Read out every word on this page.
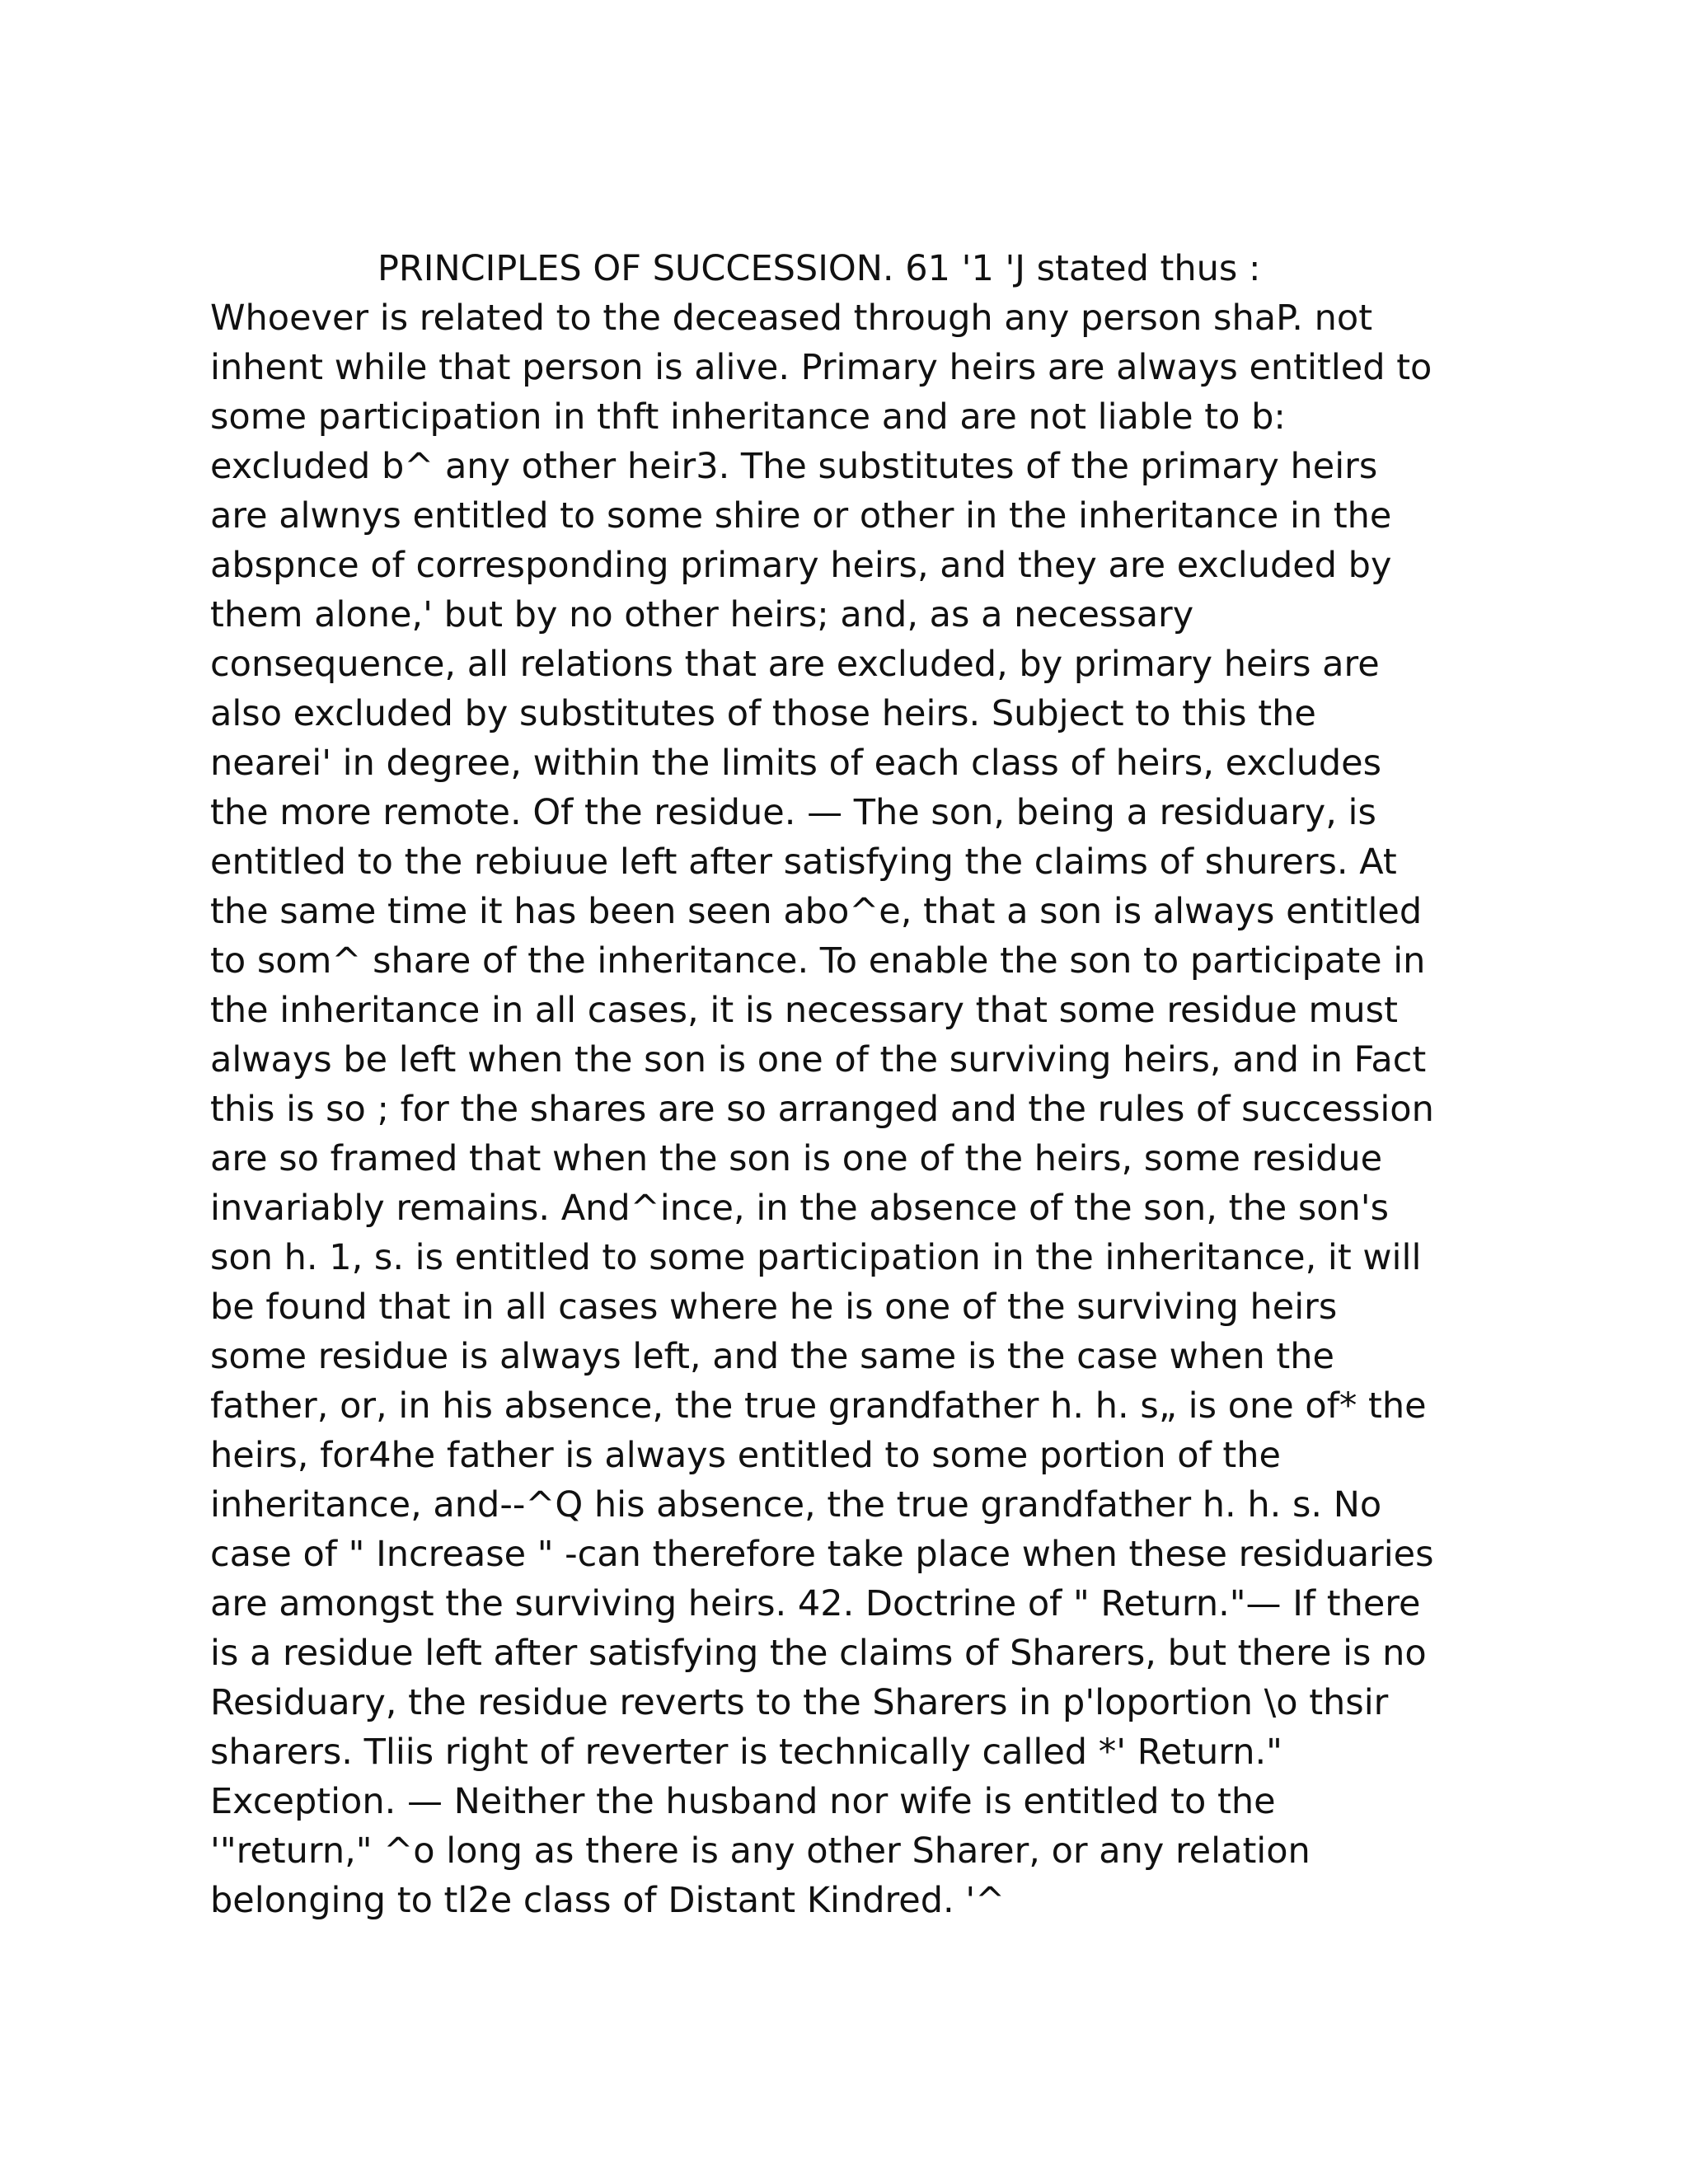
PRINCIPLES OF SUCCESSION. 61 '1 'J stated thus :
Whoever is related to the deceased through any person shaP. not
inhent while that person is alive. Primary heirs are always entitled to
some participation in thft inheritance and are not liable to b:
excluded b^ any other heir3. The substitutes of the primary heirs
are alwnys entitled to some shire or other in the inheritance in the
abspnce of corresponding primary heirs, and they are excluded by
them alone,' but by no other heirs; and, as a necessary
consequence, all relations that are excluded, by primary heirs are
also excluded by substitutes of those heirs. Subject to this the
nearei' in degree, within the limits of each class of heirs, excludes
the more remote. Of the residue. — The son, being a residuary, is
entitled to the rebiuue left after satisfying the claims of shurers. At
the same time it has been seen abo^e, that a son is always entitled
to som^ share of the inheritance. To enable the son to participate in
the inheritance in all cases, it is necessary that some residue must
always be left when the son is one of the surviving heirs, and in Fact
this is so ; for the shares are so arranged and the rules of succession
are so framed that when the son is one of the heirs, some residue
invariably remains. And^ince, in the absence of the son, the son's
son h. 1, s. is entitled to some participation in the inheritance, it will
be found that in all cases where he is one of the surviving heirs
some residue is always left, and the same is the case when the
father, or, in his absence, the true grandfather h. h. s„ is one of* the
heirs, for4he father is always entitled to some portion of the
inheritance, and--^Q his absence, the true grandfather h. h. s. No
case of " Increase " -can therefore take place when these residuaries
are amongst the surviving heirs. 42. Doctrine of " Return."— If there
is a residue left after satisfying the claims of Sharers, but there is no
Residuary, the residue reverts to the Sharers in p'loportion \o thsir
sharers. Tliis right of reverter is technically called *' Return."
Exception. — Neither the husband nor wife is entitled to the
'"return," ^o long as there is any other Sharer, or any relation
belonging to tl2e class of Distant Kindred. '^
